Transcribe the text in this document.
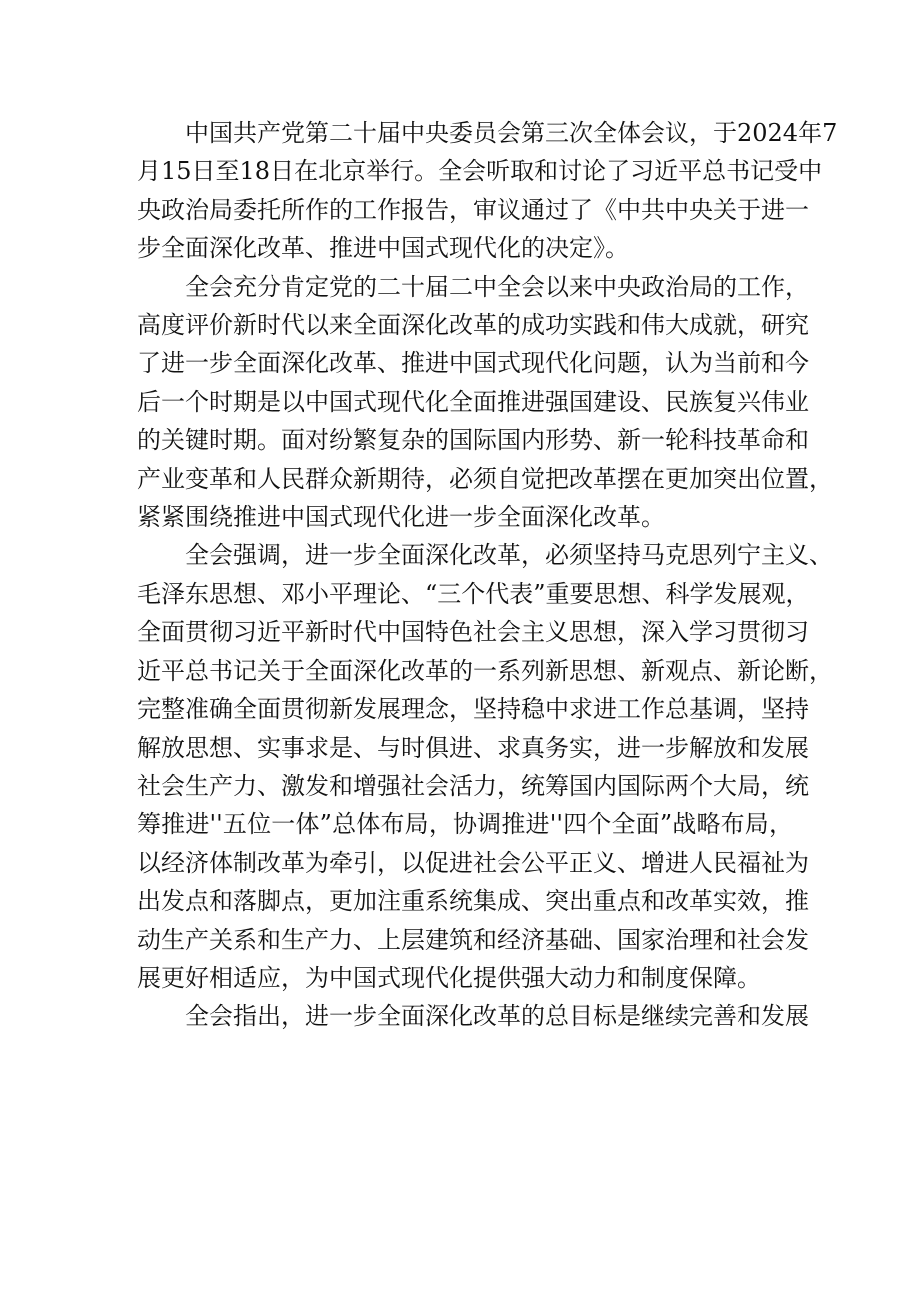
中国共产党第二十届中央委员会第三次全体会议，于2024年7
月15日至18日在北京举行。全会听取和讨论了习近平总书记受中
央政治局委托所作的工作报告，审议通过了《中共中央关于进一
步全面深化改革、推进中国式现代化的决定》。

全会充分肯定党的二十届二中全会以来中央政治局的工作，
高度评价新时代以来全面深化改革的成功实践和伟大成就，研究
了进一步全面深化改革、推进中国式现代化问题，认为当前和今
后一个时期是以中国式现代化全面推进强国建设、民族复兴伟业
的关键时期。面对纷繁复杂的国际国内形势、新一轮科技革命和
产业变革和人民群众新期待，必须自觉把改革摆在更加突出位置，
紧紧围绕推进中国式现代化进一步全面深化改革。

全会强调，进一步全面深化改革，必须坚持马克思列宁主义、
毛泽东思想、邓小平理论、“三个代表”重要思想、科学发展观，
全面贯彻习近平新时代中国特色社会主义思想，深入学习贯彻习
近平总书记关于全面深化改革的一系列新思想、新观点、新论断，
完整准确全面贯彻新发展理念，坚持稳中求进工作总基调，坚持
解放思想、实事求是、与时俱进、求真务实，进一步解放和发展
社会生产力、激发和增强社会活力，统筹国内国际两个大局，统
筹推进''五位一体”总体布局，协调推进''四个全面”战略布局，
以经济体制改革为牵引，以促进社会公平正义、增进人民福祉为
出发点和落脚点，更加注重系统集成、突出重点和改革实效，推
动生产关系和生产力、上层建筑和经济基础、国家治理和社会发
展更好相适应，为中国式现代化提供强大动力和制度保障。

全会指出，进一步全面深化改革的总目标是继续完善和发展
